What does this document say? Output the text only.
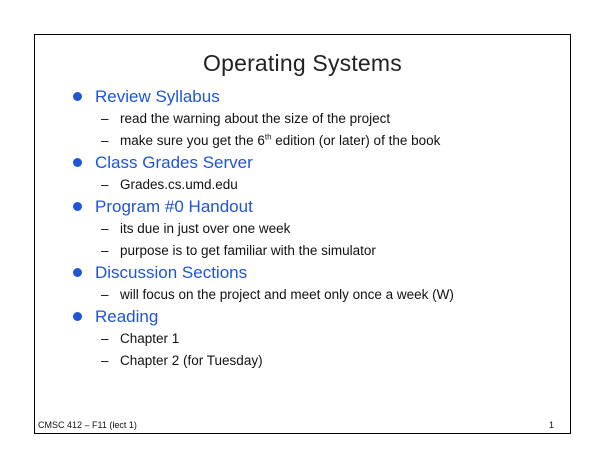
Operating Systems
Review Syllabus
– read the warning about the size of the project
– make sure you get the 6th edition (or later) of the book
Class Grades Server
– Grades.cs.umd.edu
Program #0 Handout
– its due in just over one week
– purpose is to get familiar with the simulator
Discussion Sections
– will focus on the project and meet only once a week (W)
Reading
– Chapter 1
– Chapter 2 (for Tuesday)
CMSC 412 – F11 (lect 1)	1
